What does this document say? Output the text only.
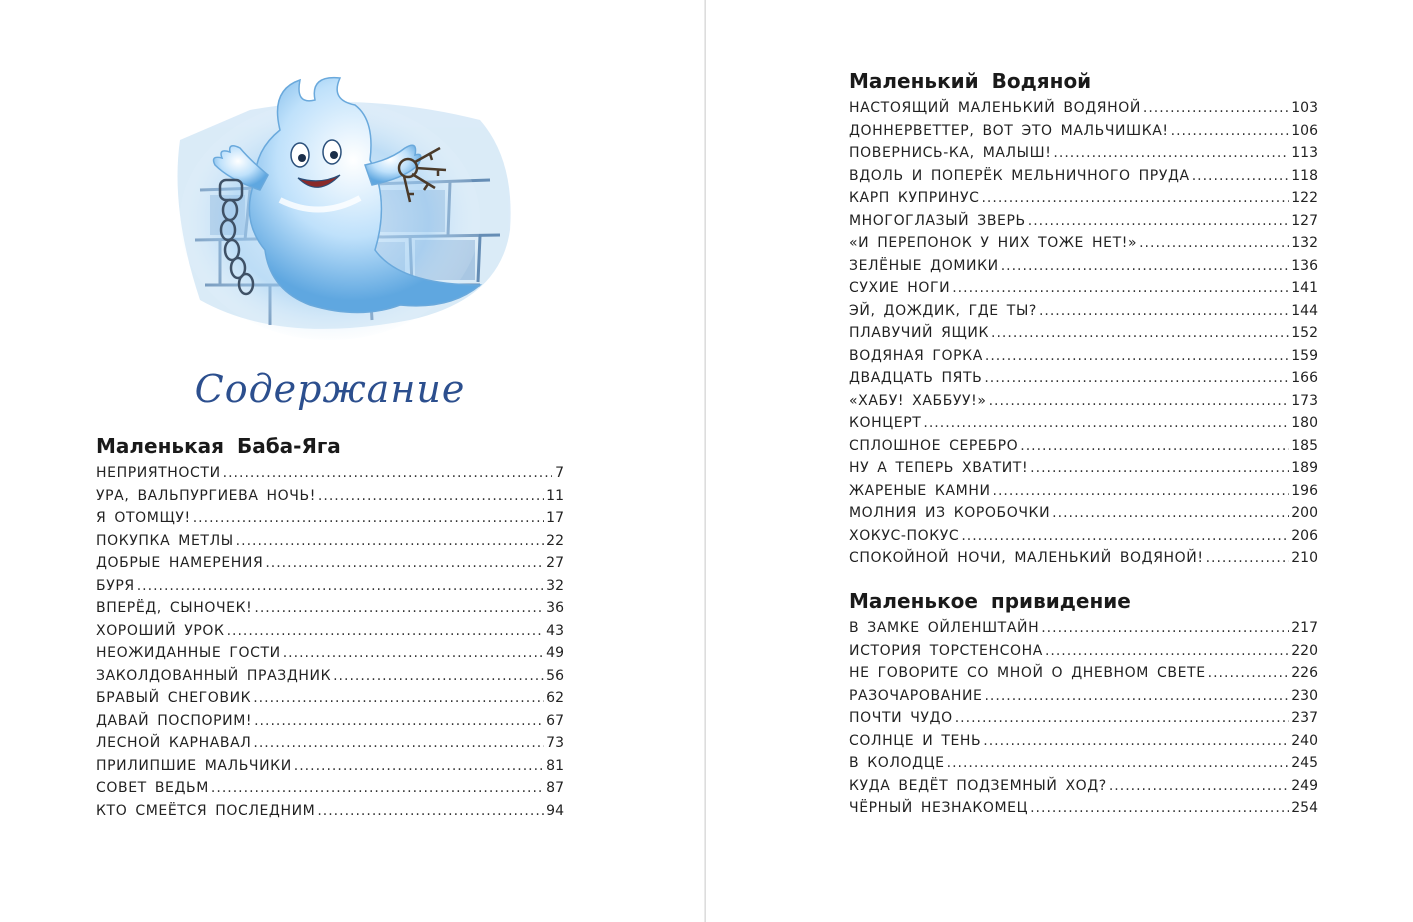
Содержание
Маленькая Баба-Яга
НЕПРИЯТНОСТИ .....	7
УРА, ВАЛЬПУРГИЕВА НОЧЬ! .....	11
Я ОТОМЩУ! .....	17
ПОКУПКА МЕТЛЫ .....	22
ДОБРЫЕ НАМЕРЕНИЯ .....	27
БУРЯ .....	32
ВПЕРЁД, СЫНОЧЕК! .....	36
ХОРОШИЙ УРОК .....	43
НЕОЖИДАННЫЕ ГОСТИ .....	49
ЗАКОЛДОВАННЫЙ ПРАЗДНИК .....	56
БРАВЫЙ СНЕГОВИК .....	62
ДАВАЙ ПОСПОРИМ! .....	67
ЛЕСНОЙ КАРНАВАЛ .....	73
ПРИЛИПШИЕ МАЛЬЧИКИ .....	81
СОВЕТ ВЕДЬМ .....	87
КТО СМЕЁТСЯ ПОСЛЕДНИМ .....	94
Маленький Водяной
НАСТОЯЩИЙ МАЛЕНЬКИЙ ВОДЯНОЙ .....	103
ДОННЕРВЕТТЕР, ВОТ ЭТО МАЛЬЧИШКА! .....	106
ПОВЕРНИСЬ-КА, МАЛЫШ! .....	113
ВДОЛЬ И ПОПЕРЁК МЕЛЬНИЧНОГО ПРУДА .....	118
КАРП КУПРИНУС .....	122
МНОГОГЛАЗЫЙ ЗВЕРЬ .....	127
«И ПЕРЕПОНОК У НИХ ТОЖЕ НЕТ!» .....	132
ЗЕЛЁНЫЕ ДОМИКИ .....	136
СУХИЕ НОГИ .....	141
ЭЙ, ДОЖДИК, ГДЕ ТЫ? .....	144
ПЛАВУЧИЙ ЯЩИК .....	152
ВОДЯНАЯ ГОРКА .....	159
ДВАДЦАТЬ ПЯТЬ .....	166
«ХАБУ! ХАББУУ!» .....	173
КОНЦЕРТ .....	180
СПЛОШНОЕ СЕРЕБРО .....	185
НУ А ТЕПЕРЬ ХВАТИТ! .....	189
ЖАРЕНЫЕ КАМНИ .....	196
МОЛНИЯ ИЗ КОРОБОЧКИ .....	200
ХОКУС-ПОКУС .....	206
СПОКОЙНОЙ НОЧИ, МАЛЕНЬКИЙ ВОДЯНОЙ! .....	210
Маленькое привидение
В ЗАМКЕ ОЙЛЕНШТАЙН .....	217
ИСТОРИЯ ТОРСТЕНСОНА .....	220
НЕ ГОВОРИТЕ СО МНОЙ О ДНЕВНОМ СВЕТЕ .....	226
РАЗОЧАРОВАНИЕ .....	230
ПОЧТИ ЧУДО .....	237
СОЛНЦЕ И ТЕНЬ .....	240
В КОЛОДЦЕ .....	245
КУДА ВЕДЁТ ПОДЗЕМНЫЙ ХОД? .....	249
ЧЁРНЫЙ НЕЗНАКОМЕЦ .....	254
